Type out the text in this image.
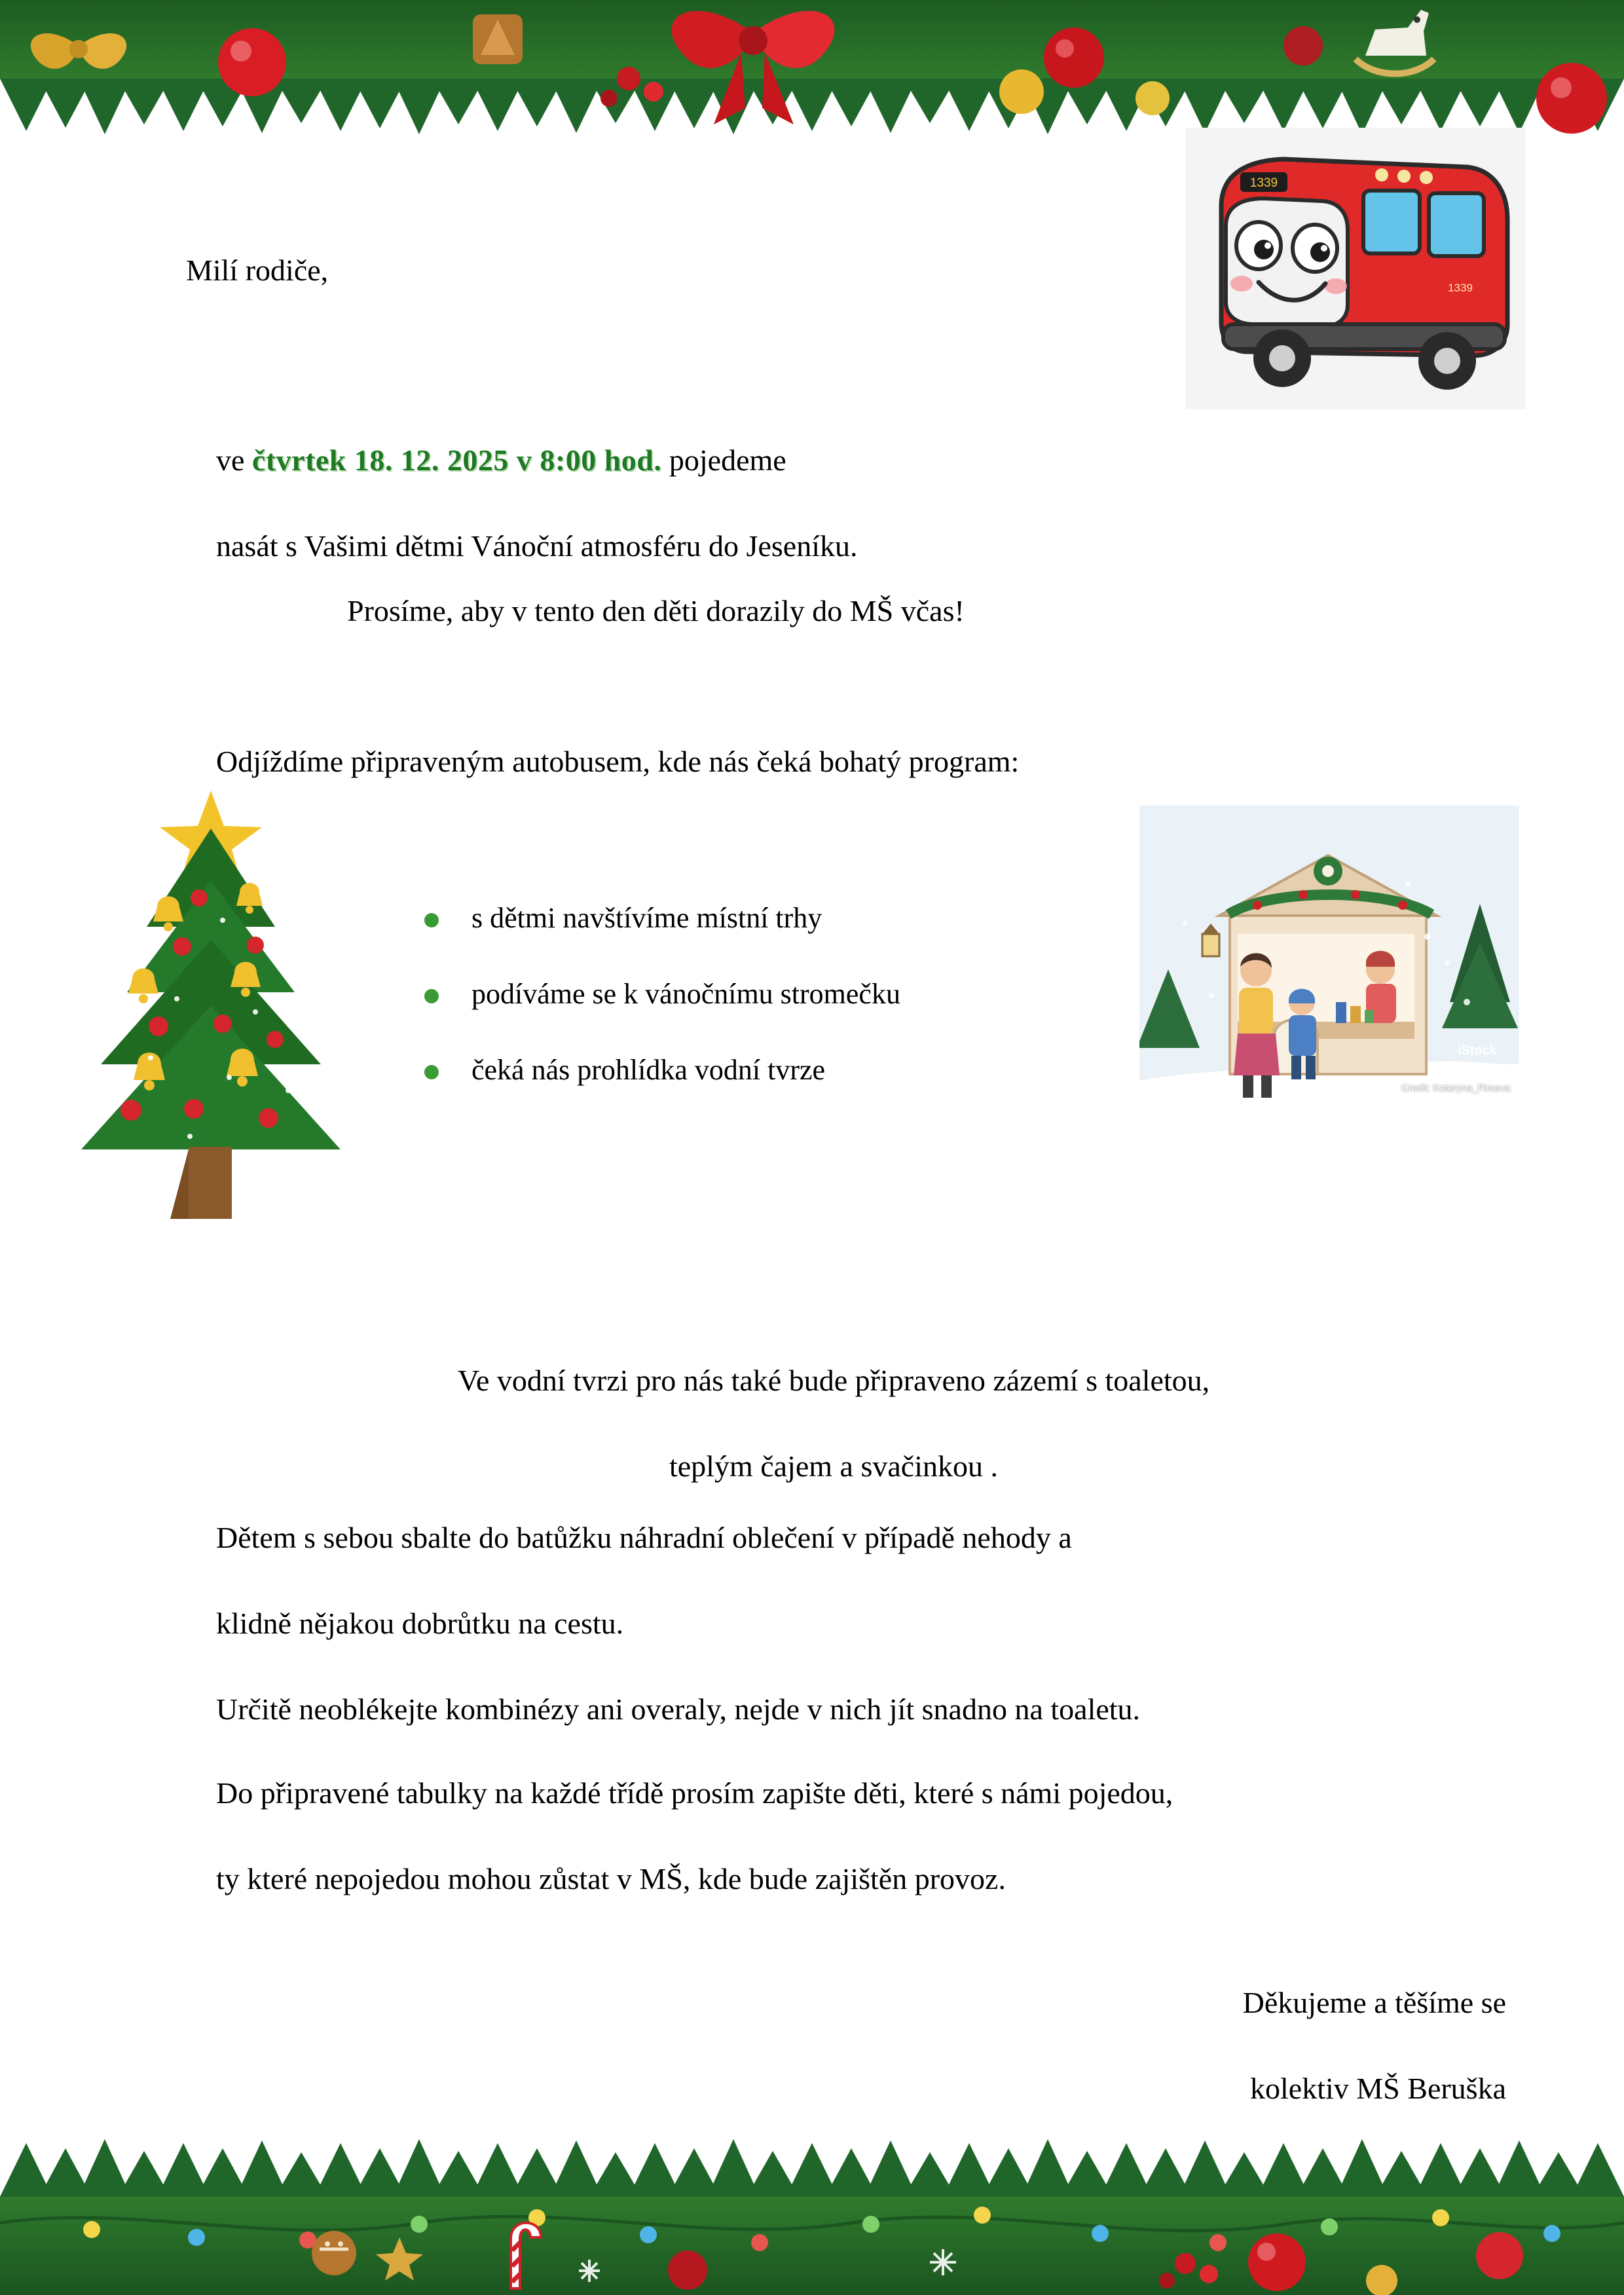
1339
1339
Milí rodiče,

ve čtvrtek 18. 12. 2025 v 8:00 hod. pojedeme

nasát s Vašimi dětmi Vánoční atmosféru do Jeseníku.

Prosíme, aby v tento den děti dorazily do MŠ včas!
Odjíždíme připraveným autobusem, kde nás čeká bohatý program:
iStock
Credit: Kateryna_Firsova
s dětmi navštívíme místní trhy
podíváme se k vánočnímu stromečku
čeká nás prohlídka vodní tvrze

Ve vodní tvrzi pro nás také bude připraveno zázemí s toaletou,

teplým čajem a svačinkou .

Dětem s sebou sbalte do batůžku náhradní oblečení v případě nehody a

klidně nějakou dobrůtku na cestu.

Určitě neoblékejte kombinézy ani overaly, nejde v nich jít snadno na toaletu.

Do připravené tabulky na každé třídě prosím zapište děti, které s námi pojedou,

ty které nepojedou mohou zůstat v MŠ, kde bude zajištěn provoz.

Děkujeme a těšíme se

kolektiv MŠ Beruška
